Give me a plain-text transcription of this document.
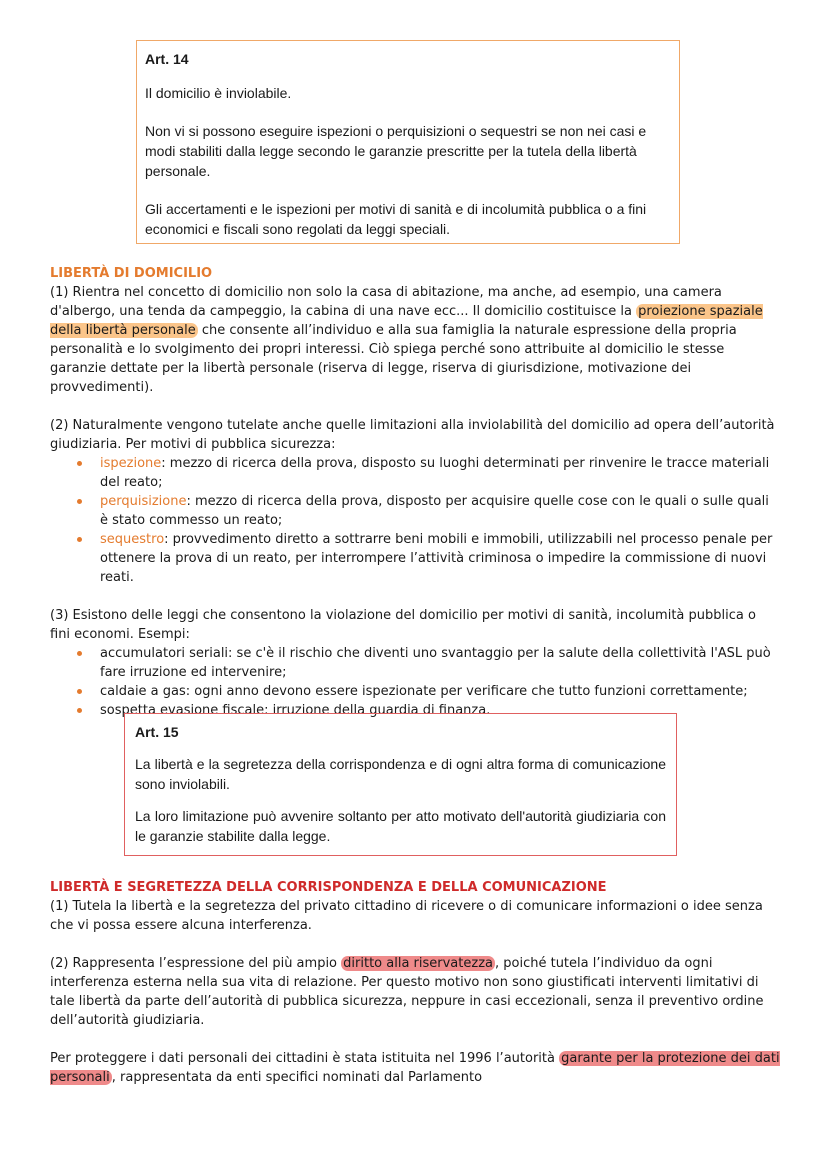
Art. 14

Il domicilio è inviolabile.

Non vi si possono eseguire ispezioni o perquisizioni o sequestri se non nei casi e modi stabiliti dalla legge secondo le garanzie prescritte per la tutela della libertà personale.

Gli accertamenti e le ispezioni per motivi di sanità e di incolumità pubblica o a fini economici e fiscali sono regolati da leggi speciali.

LIBERTÀ DI DOMICILIO

(1) Rientra nel concetto di domicilio non solo la casa di abitazione, ma anche, ad esempio, una camera d'albergo, una tenda da campeggio, la cabina di una nave ecc... Il domicilio costituisce la proiezione spaziale della libertà personale che consente all’individuo e alla sua famiglia la naturale espressione della propria personalità e lo svolgimento dei propri interessi. Ciò spiega perché sono attribuite al domicilio le stesse garanzie dettate per la libertà personale (riserva di legge, riserva di giurisdizione, motivazione dei provvedimenti).

(2) Naturalmente vengono tutelate anche quelle limitazioni alla inviolabilità del domicilio ad opera dell’autorità giudiziaria. Per motivi di pubblica sicurezza:

ispezione: mezzo di ricerca della prova, disposto su luoghi determinati per rinvenire le tracce materiali del reato;
perquisizione: mezzo di ricerca della prova, disposto per acquisire quelle cose con le quali o sulle quali è stato commesso un reato;
sequestro: provvedimento diretto a sottrarre beni mobili e immobili, utilizzabili nel processo penale per ottenere la prova di un reato, per interrompere l’attività criminosa o impedire la commissione di nuovi reati.

(3) Esistono delle leggi che consentono la violazione del domicilio per motivi di sanità, incolumità pubblica o fini economi. Esempi:

accumulatori seriali: se c'è il rischio che diventi uno svantaggio per la salute della collettività l'ASL può fare irruzione ed intervenire;
caldaie a gas: ogni anno devono essere ispezionate per verificare che tutto funzioni correttamente;
sospetta evasione fiscale: irruzione della guardia di finanza.
Art. 15

La libertà e la segretezza della corrispondenza e di ogni altra forma di comunicazione sono inviolabili.

La loro limitazione può avvenire soltanto per atto motivato dell'autorità giudiziaria con le garanzie stabilite dalla legge.

LIBERTÀ E SEGRETEZZA DELLA CORRISPONDENZA E DELLA COMUNICAZIONE

(1) Tutela la libertà e la segretezza del privato cittadino di ricevere o di comunicare informazioni o idee senza che vi possa essere alcuna interferenza.

(2) Rappresenta l’espressione del più ampio diritto alla riservatezza , poiché tutela l’individuo da ogni interferenza esterna nella sua vita di relazione. Per questo motivo non sono giustificati interventi limitativi di tale libertà da parte dell’autorità di pubblica sicurezza, neppure in casi eccezionali, senza il preventivo ordine dell’autorità giudiziaria.

Per proteggere i dati personali dei cittadini è stata istituita nel 1996 l’autorità garante per la protezione dei dati personali , rappresentata da enti specifici nominati dal Parlamento
